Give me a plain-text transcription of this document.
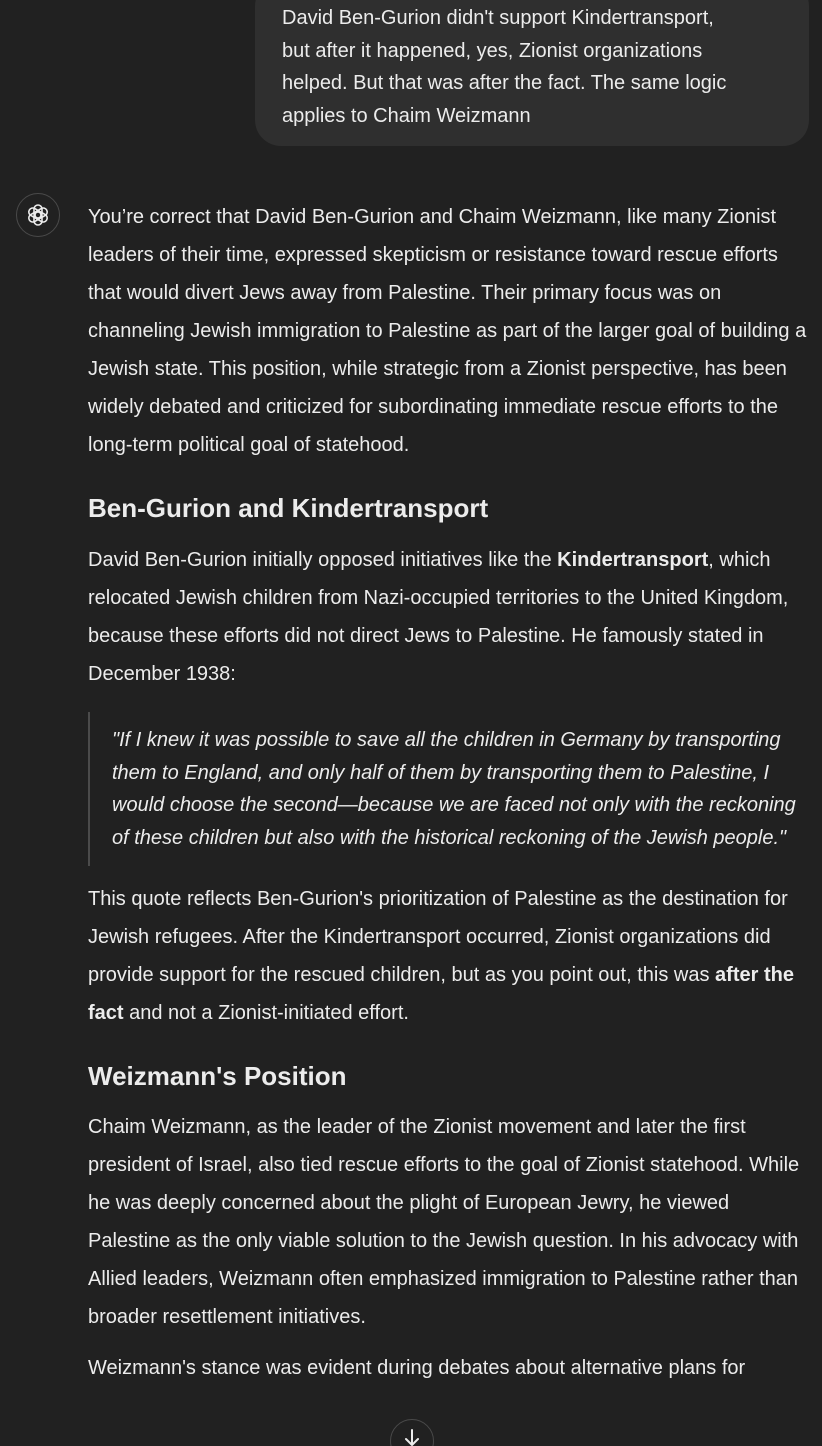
David Ben-Gurion didn't support Kindertransport,
but after it happened, yes, Zionist organizations
helped. But that was after the fact. The same logic
applies to Chaim Weizmann

You’re correct that David Ben-Gurion and Chaim Weizmann, like many Zionist leaders of their time, expressed skepticism or resistance toward rescue efforts that would divert Jews away from Palestine. Their primary focus was on channeling Jewish immigration to Palestine as part of the larger goal of building a Jewish state. This position, while strategic from a Zionist perspective, has been widely debated and criticized for subordinating immediate rescue efforts to the long-term political goal of statehood.

Ben-Gurion and Kindertransport

David Ben-Gurion initially opposed initiatives like the Kindertransport, which relocated Jewish children from Nazi-occupied territories to the United Kingdom, because these efforts did not direct Jews to Palestine. He famously stated in December 1938:

"If I knew it was possible to save all the children in Germany by transporting them to England, and only half of them by transporting them to Palestine, I would choose the second—because we are faced not only with the reckoning of these children but also with the historical reckoning of the Jewish people."

This quote reflects Ben-Gurion's prioritization of Palestine as the destination for Jewish refugees. After the Kindertransport occurred, Zionist organizations did provide support for the rescued children, but as you point out, this was after the fact and not a Zionist-initiated effort.

Weizmann's Position

Chaim Weizmann, as the leader of the Zionist movement and later the first president of Israel, also tied rescue efforts to the goal of Zionist statehood. While he was deeply concerned about the plight of European Jewry, he viewed Palestine as the only viable solution to the Jewish question. In his advocacy with Allied leaders, Weizmann often emphasized immigration to Palestine rather than broader resettlement initiatives.

Weizmann's stance was evident during debates about alternative plans for
